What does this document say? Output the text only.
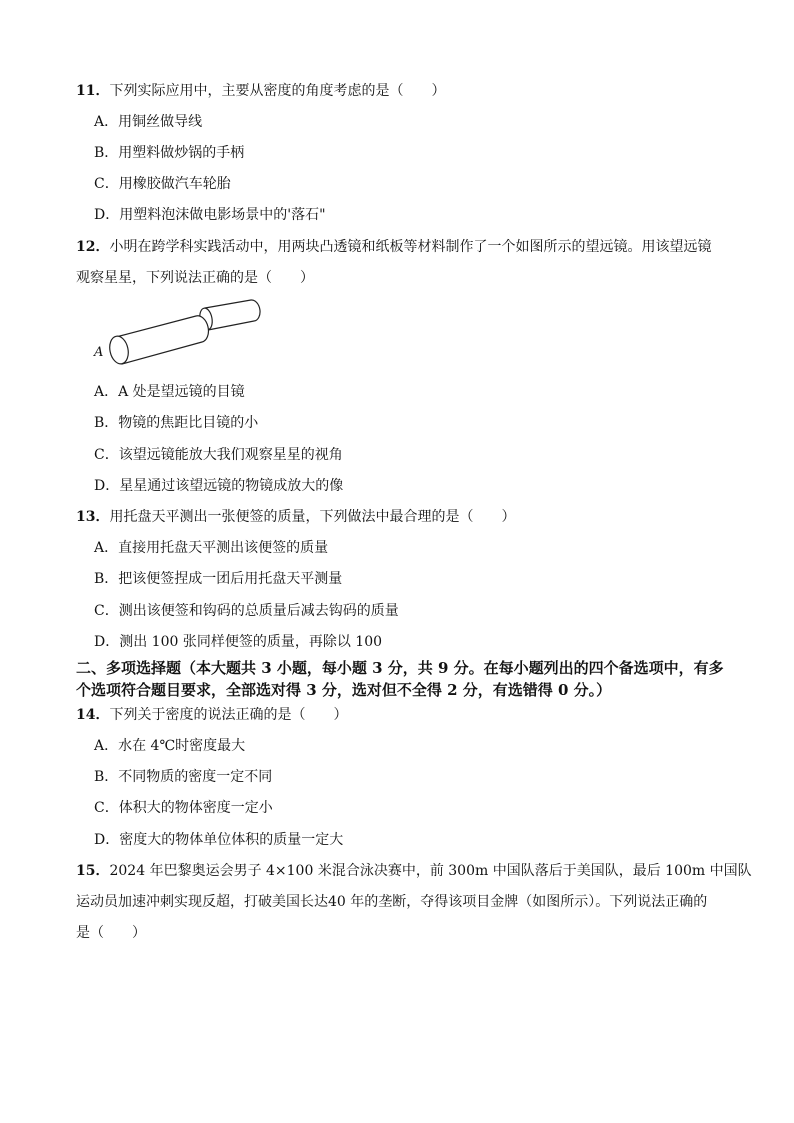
11．下列实际应用中，主要从密度的角度考虑的是（　　）
A．用铜丝做导线
B．用塑料做炒锅的手柄
C．用橡胶做汽车轮胎
D．用塑料泡沫做电影场景中的'落石"
12．小明在跨学科实践活动中，用两块凸透镜和纸板等材料制作了一个如图所示的望远镜。用该望远镜
观察星星，下列说法正确的是（　　）
A
A．A 处是望远镜的目镜
B．物镜的焦距比目镜的小
C．该望远镜能放大我们观察星星的视角
D．星星通过该望远镜的物镜成放大的像
13．用托盘天平测出一张便签的质量，下列做法中最合理的是（　　）
A．直接用托盘天平测出该便签的质量
B．把该便签捏成一团后用托盘天平测量
C．测出该便签和钩码的总质量后减去钩码的质量
D．测出 100 张同样便签的质量，再除以 100
二、多项选择题（本大题共 3 小题，每小题 3 分，共 9 分。在每小题列出的四个备选项中，有多
个选项符合题目要求，全部选对得 3 分，选对但不全得 2 分，有选错得 0 分。）
14．下列关于密度的说法正确的是（　　）
A．水在 4℃时密度最大
B．不同物质的密度一定不同
C．体积大的物体密度一定小
D．密度大的物体单位体积的质量一定大
15．2024 年巴黎奥运会男子 4×100 米混合泳决赛中，前 300m 中国队落后于美国队，最后 100m 中国队
运动员加速冲刺实现反超，打破美国长达40 年的垄断，夺得该项目金牌（如图所示）。下列说法正确的
是（　　）
